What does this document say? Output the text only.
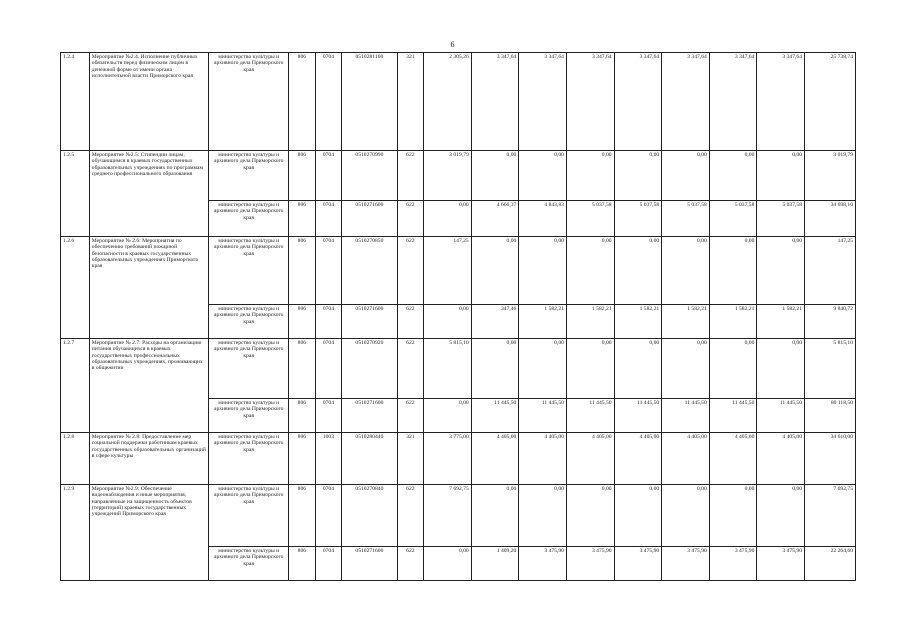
6
1.2.4	Мероприятие №2.4. Исполнение публичных обязательств перед физическим лицом в денежной форме от имени органа исполнительной власти Приморского края	министерство культуры и архивного дела Приморского края	806	0704	0510281160	321	2 305,26	3 347,64	3 347,64	3 347,64	3 347,64	3 347,64	3 347,64	3 347,64	25 738,74
1.2.5	Мероприятие №2.5: Стипендии лицам, обучающимся в краевых государственных образовательных учреждениях по программам среднего профессионального образования	министерство культуры и архивного дела Приморского края	806	0704	0510270990	622	3 019,79	0,00	0,00	0,00	0,00	0,00	0,00	0,00	3 019,79
		министерство культуры и архивного дела Приморского края	806	0704	0510271600	622	0,00	4 666,37	4 843,83	5 037,58	5 037,58	5 037,58	5 037,58	5 037,58	34 698,10
1.2.6	Мероприятие № 2.6: Мероприятия по обеспечению требований пожарной безопасности в краевых государственных образовательных учреждениях Приморского края	министерство культуры и архивного дела Приморского края	806	0704	0510270850	622	147,25	0,00	0,00	0,00	0,00	0,00	0,00	0,00	147,25
		министерство культуры и архивного дела Приморского края	806	0704	0510271600	622	0,00	347,46	1 582,21	1 582,21	1 582,21	1 582,21	1 582,21	1 582,21	9 840,72
1.2.7	Мероприятие № 2.7: Расходы на организацию питания обучающихся в краевых государственных профессиональных образовательных учреждениях, проживающих в общежитии	министерство культуры и архивного дела Приморского края	806	0704	0510270920	622	5 815,10	0,00	0,00	0,00	0,00	0,00	0,00	0,00	5 815,10
		министерство культуры и архивного дела Приморского края	806	0704	0510271600	622	0,00	11 445,50	11 445,50	11 445,50	11 445,50	11 445,50	11 445,50	11 445,50	80 118,50
1.2.8	Мероприятие № 2.8: Предоставление мер социальной поддержки работникам краевых государственных образовательных организаций в сфере культуры	министерство культуры и архивного дела Приморского края	806	1003	0510280440	321	3 775,00	4 405,00	4 405,00	4 405,00	4 405,00	4 405,00	4 405,00	4 405,00	34 610,00
1.2.9	Мероприятие №2.9: Обеспечение видеонаблюдения и иные мероприятия, направленные на защищенность объектов (территорий) краевых государственных учреждений Приморского края	министерство культуры и архивного дела Приморского края	806	0704	0510270840	622	7 692,75	0,00	0,00	0,00	0,00	0,00	0,00	0,00	7 692,75
		министерство культуры и архивного дела Приморского края	806	0704	0510271600	622	0,00	1 409,20	3 475,90	3 475,90	3 475,90	3 475,90	3 475,90	3 475,90	22 264,60
